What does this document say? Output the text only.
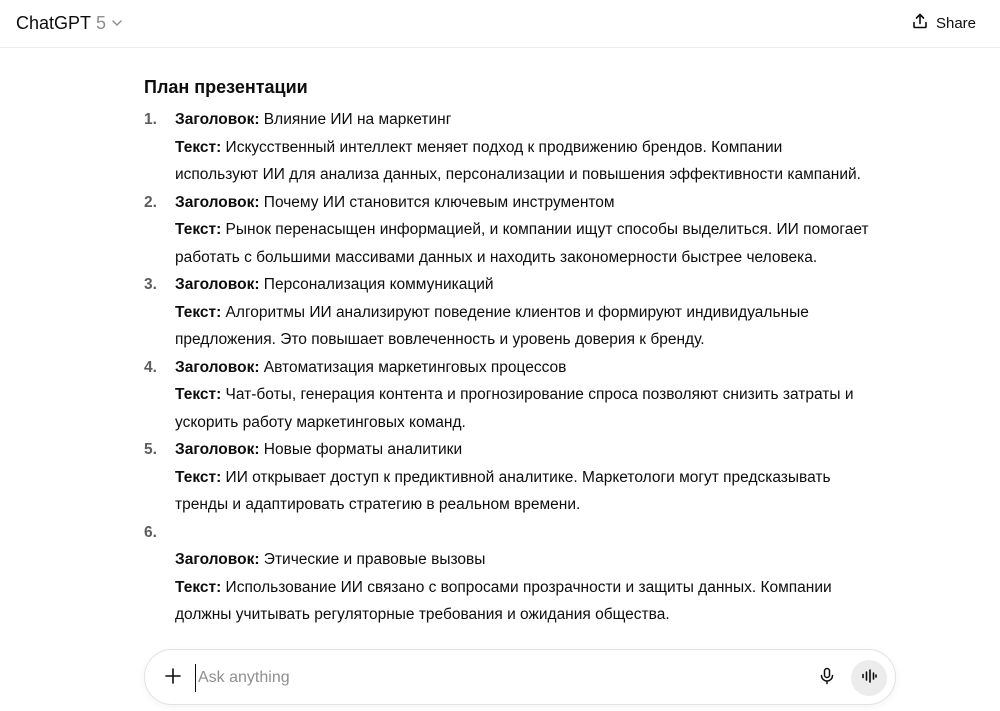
ChatGPT 5	Share
План презентации
1.	Заголовок: Влияние ИИ на маркетинг
Текст: Искусственный интеллект меняет подход к продвижению брендов. Компании
используют ИИ для анализа данных, персонализации и повышения эффективности кампаний.
2.	Заголовок: Почему ИИ становится ключевым инструментом
Текст: Рынок перенасыщен информацией, и компании ищут способы выделиться. ИИ помогает
работать с большими массивами данных и находить закономерности быстрее человека.
3.	Заголовок: Персонализация коммуникаций
Текст: Алгоритмы ИИ анализируют поведение клиентов и формируют индивидуальные
предложения. Это повышает вовлеченность и уровень доверия к бренду.
4.	Заголовок: Автоматизация маркетинговых процессов
Текст: Чат-боты, генерация контента и прогнозирование спроса позволяют снизить затраты и
ускорить работу маркетинговых команд.
5.	Заголовок: Новые форматы аналитики
Текст: ИИ открывает доступ к предиктивной аналитике. Маркетологи могут предсказывать
тренды и адаптировать стратегию в реальном времени.
6.
Заголовок: Этические и правовые вызовы
Текст: Использование ИИ связано с вопросами прозрачности и защиты данных. Компании
должны учитывать регуляторные требования и ожидания общества.
Ask anything
